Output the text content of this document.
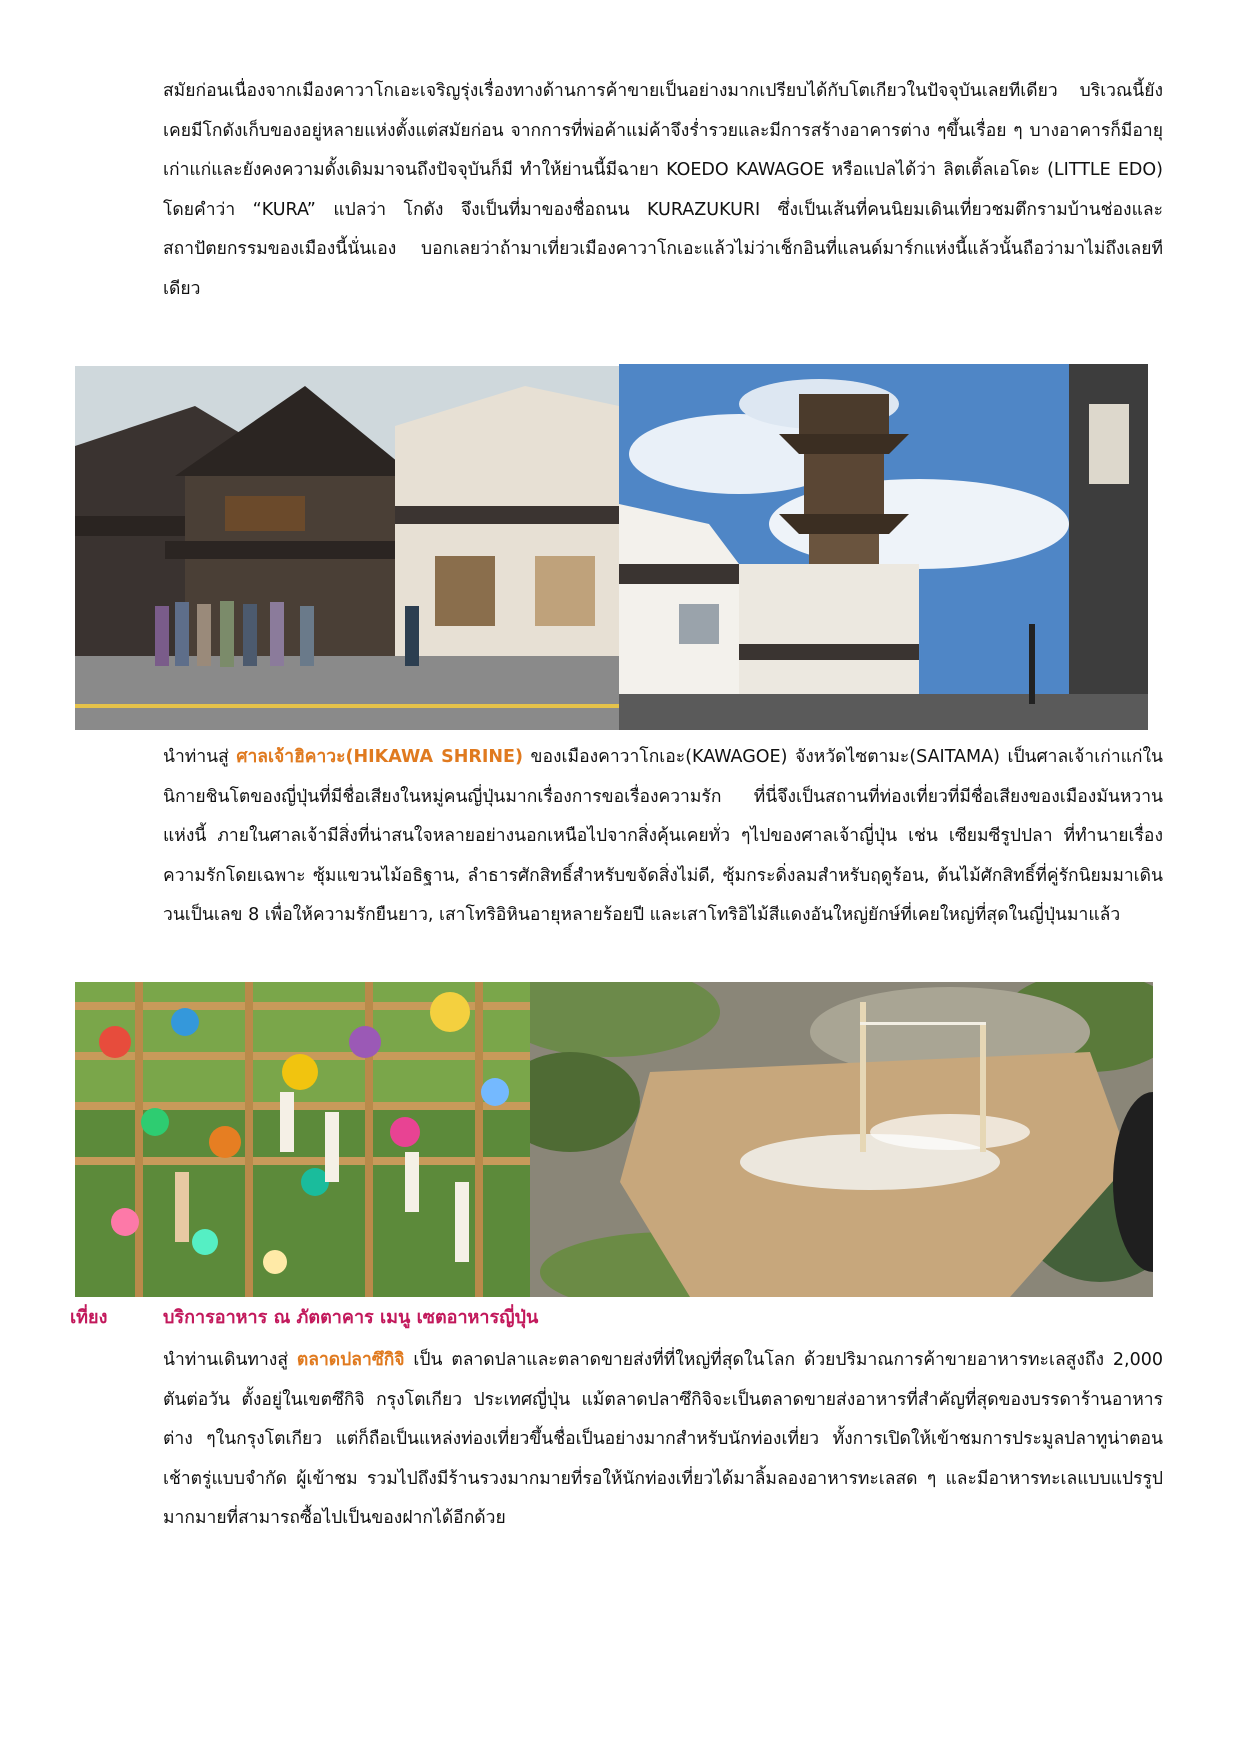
สมัยก่อนเนื่องจากเมืองคาวาโกเอะเจริญรุ่งเรื่องทางด้านการค้าขายเป็นอย่างมากเปรียบได้กับโตเกียวในปัจจุบันเลยทีเดียว บริเวณนี้ยังเคยมีโกดังเก็บของอยู่หลายแห่งตั้งแต่สมัยก่อน จากการที่พ่อค้าแม่ค้าจึงร่ำรวยและมีการสร้างอาคารต่าง ๆขึ้นเรื่อย ๆ บางอาคารก็มีอายุเก่าแก่และยังคงความดั้งเดิมมาจนถึงปัจจุบันก็มี ทำให้ย่านนี้มีฉายา KOEDO KAWAGOE หรือแปลได้ว่า ลิตเติ้ลเอโดะ (LITTLE EDO) โดยคำว่า “KURA” แปลว่า โกดัง จึงเป็นที่มาของชื่อถนน KURAZUKURI ซึ่งเป็นเส้นที่คนนิยมเดินเที่ยวชมตึกรามบ้านช่องและสถาปัตยกรรมของเมืองนี้นั่นเอง บอกเลยว่าถ้ามาเที่ยวเมืองคาวาโกเอะแล้วไม่ว่าเช็กอินที่แลนด์มาร์กแห่งนี้แล้วนั้นถือว่ามาไม่ถึงเลยทีเดียว

นำท่านสู่ ศาลเจ้าฮิคาวะ(HIKAWA SHRINE) ของเมืองคาวาโกเอะ(KAWAGOE) จังหวัดไซตามะ(SAITAMA) เป็นศาลเจ้าเก่าแก่ในนิกายชินโตของญี่ปุ่นที่มีชื่อเสียงในหมู่คนญี่ปุ่นมากเรื่องการขอเรื่องความรัก ที่นี่จึงเป็นสถานที่ท่องเที่ยวที่มีชื่อเสียงของเมืองมันหวานแห่งนี้ ภายในศาลเจ้ามีสิ่งที่น่าสนใจหลายอย่างนอกเหนือไปจากสิ่งคุ้นเคยทั่ว ๆไปของศาลเจ้าญี่ปุ่น เช่น เซียมซีรูปปลา ที่ทำนายเรื่องความรักโดยเฉพาะ ซุ้มแขวนไม้อธิฐาน, ลำธารศักสิทธิ์สำหรับขจัดสิ่งไม่ดี, ซุ้มกระดิ่งลมสำหรับฤดูร้อน, ต้นไม้ศักสิทธิ์ที่คู่รักนิยมมาเดินวนเป็นเลข 8 เพื่อให้ความรักยืนยาว, เสาโทริอิหินอายุหลายร้อยปี และเสาโทริอิไม้สีแดงอันใหญ่ยักษ์ที่เคยใหญ่ที่สุดในญี่ปุ่นมาแล้ว

เที่ยง	บริการอาหาร ณ ภัตตาคาร เมนู เซตอาหารญี่ปุ่น

นำท่านเดินทางสู่ ตลาดปลาซึกิจิ เป็น ตลาดปลาและตลาดขายส่งที่ที่ใหญ่ที่สุดในโลก ด้วยปริมาณการค้าขายอาหารทะเลสูงถึง 2,000 ตันต่อวัน ตั้งอยู่ในเขตซึกิจิ กรุงโตเกียว ประเทศญี่ปุ่น แม้ตลาดปลาซึกิจิจะเป็นตลาดขายส่งอาหารที่สำคัญที่สุดของบรรดาร้านอาหารต่าง ๆในกรุงโตเกียว แต่ก็ถือเป็นแหล่งท่องเที่ยวขึ้นชื่อเป็นอย่างมากสำหรับนักท่องเที่ยว ทั้งการเปิดให้เข้าชมการประมูลปลาทูน่าตอนเช้าตรู่แบบจำกัด ผู้เข้าชม รวมไปถึงมีร้านรวงมากมายที่รอให้นักท่องเที่ยวได้มาลิ้มลองอาหารทะเลสด ๆ และมีอาหารทะเลแบบแปรรูปมากมายที่สามารถซื้อไปเป็นของฝากได้อีกด้วย
